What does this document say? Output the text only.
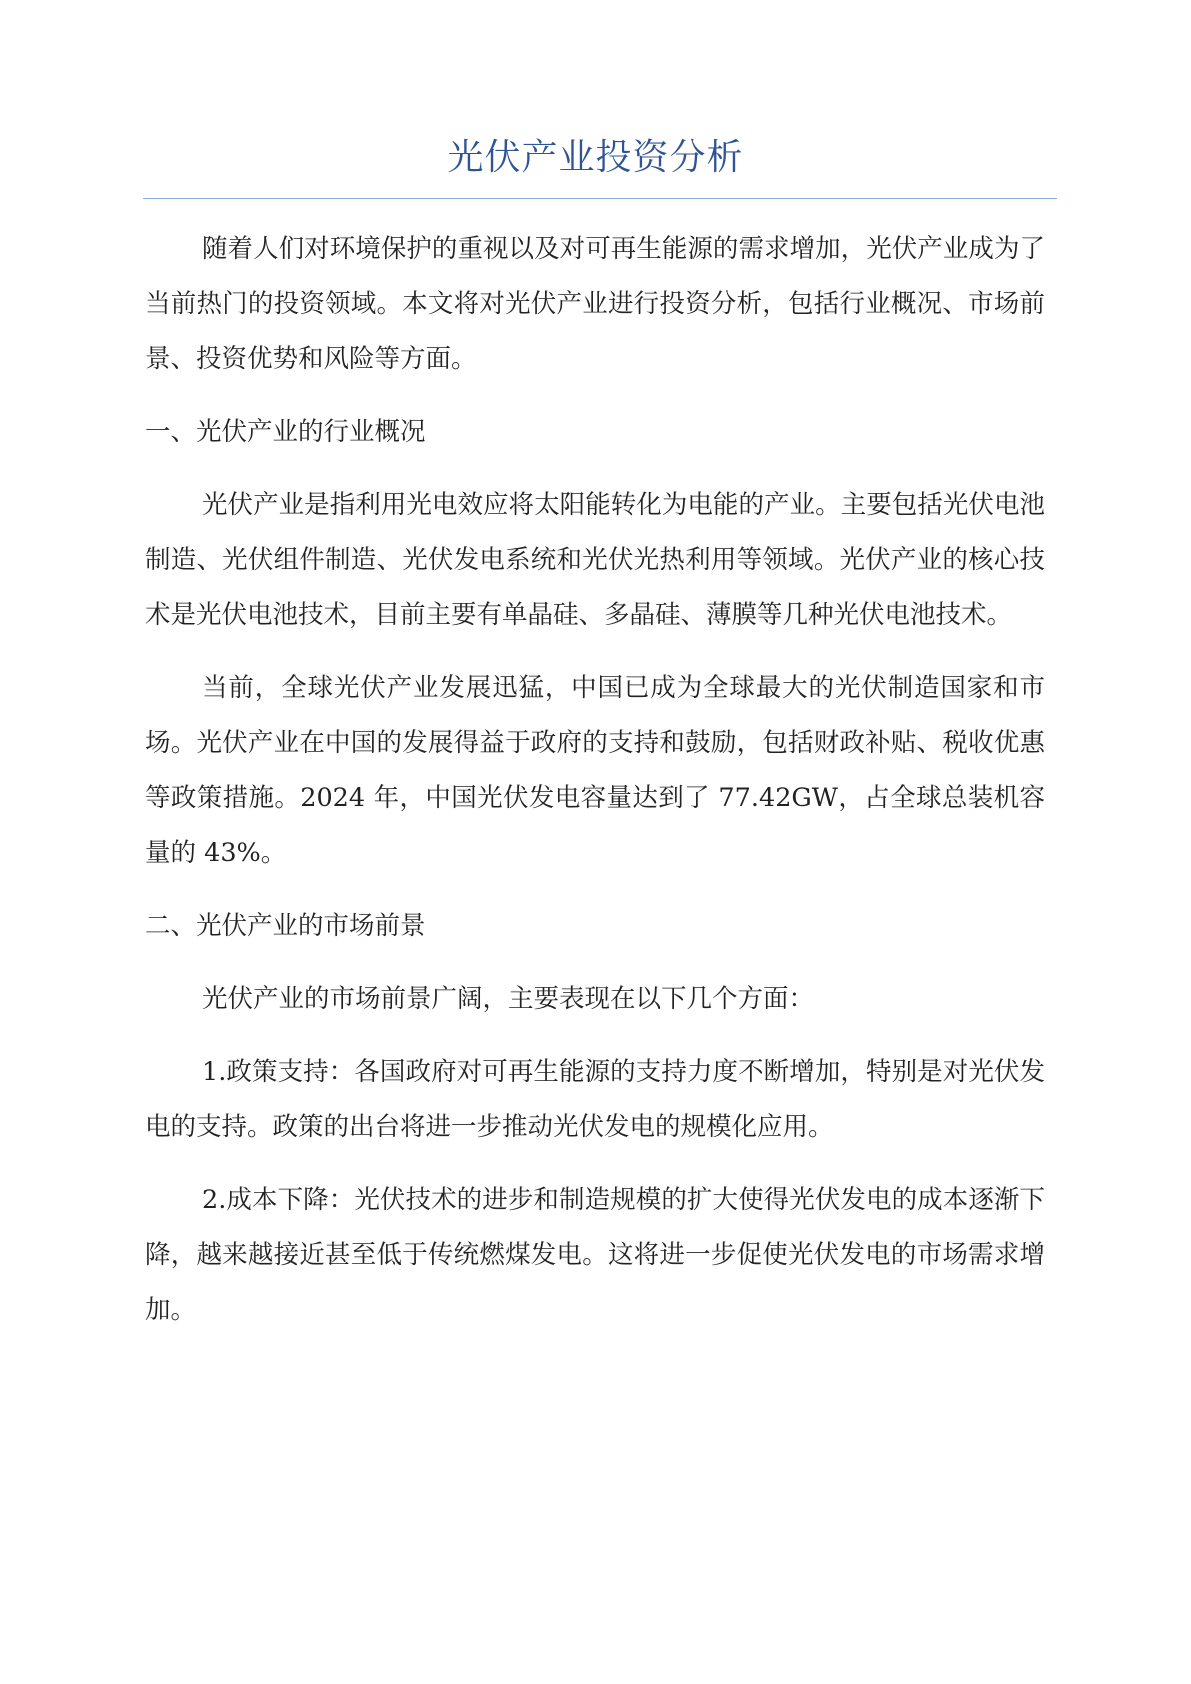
光伏产业投资分析

随着人们对环境保护的重视以及对可再生能源的需求增加，光伏产业成为了当前热门的投资领域。本文将对光伏产业进行投资分析，包括行业概况、市场前景、投资优势和风险等方面。

一、光伏产业的行业概况

光伏产业是指利用光电效应将太阳能转化为电能的产业。主要包括光伏电池制造、光伏组件制造、光伏发电系统和光伏光热利用等领域。光伏产业的核心技术是光伏电池技术，目前主要有单晶硅、多晶硅、薄膜等几种光伏电池技术。

当前，全球光伏产业发展迅猛，中国已成为全球最大的光伏制造国家和市场。光伏产业在中国的发展得益于政府的支持和鼓励，包括财政补贴、税收优惠等政策措施。2024 年，中国光伏发电容量达到了 77.42GW，占全球总装机容量的 43%。

二、光伏产业的市场前景

光伏产业的市场前景广阔，主要表现在以下几个方面：

1.政策支持：各国政府对可再生能源的支持力度不断增加，特别是对光伏发电的支持。政策的出台将进一步推动光伏发电的规模化应用。

2.成本下降：光伏技术的进步和制造规模的扩大使得光伏发电的成本逐渐下降，越来越接近甚至低于传统燃煤发电。这将进一步促使光伏发电的市场需求增加。
